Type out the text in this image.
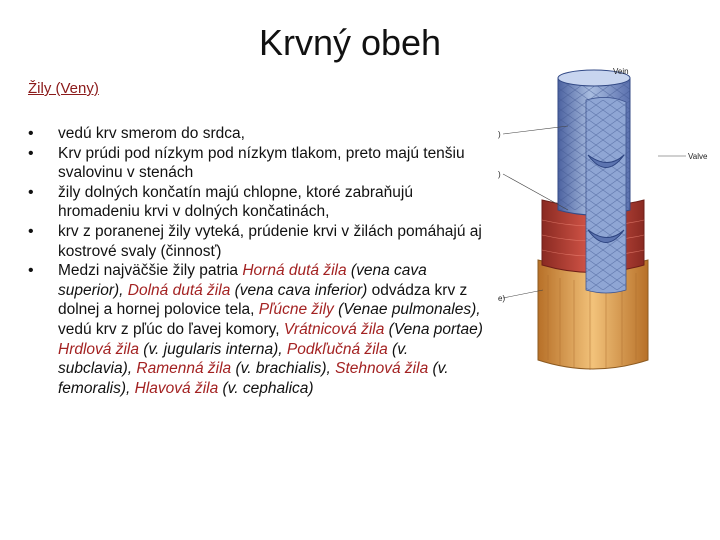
Krvný obeh
Žily (Veny)
• vedú krv smerom do srdca,
• Krv prúdi pod nízkym pod nízkym tlakom, preto majú tenšiu svalovinu v stenách
• žily dolných končatín majú chlopne, ktoré zabraňujú hromadeniu krvi v dolných končatinách,
• krv z poranenej žily vyteká, prúdenie krvi v žilách pomáhajú aj kostrové svaly (činnosť)
• Medzi najväčšie žily patria Horná dutá žila (vena cava superior), Dolná dutá žila (vena cava inferior) odvádza krv z dolnej a hornej polovice tela, Pľúcne žily (Venae pulmonales), vedú krv z pľúc do ľavej komory, Vrátnicová žila (Vena portae) Hrdlová žila (v. jugularis interna), Podkľučná žila (v. subclavia), Ramenná žila (v. brachialis), Stehnová žila (v. femoralis), Hlavová žila (v. cephalica)
Vein
Valve
)
)
e)
